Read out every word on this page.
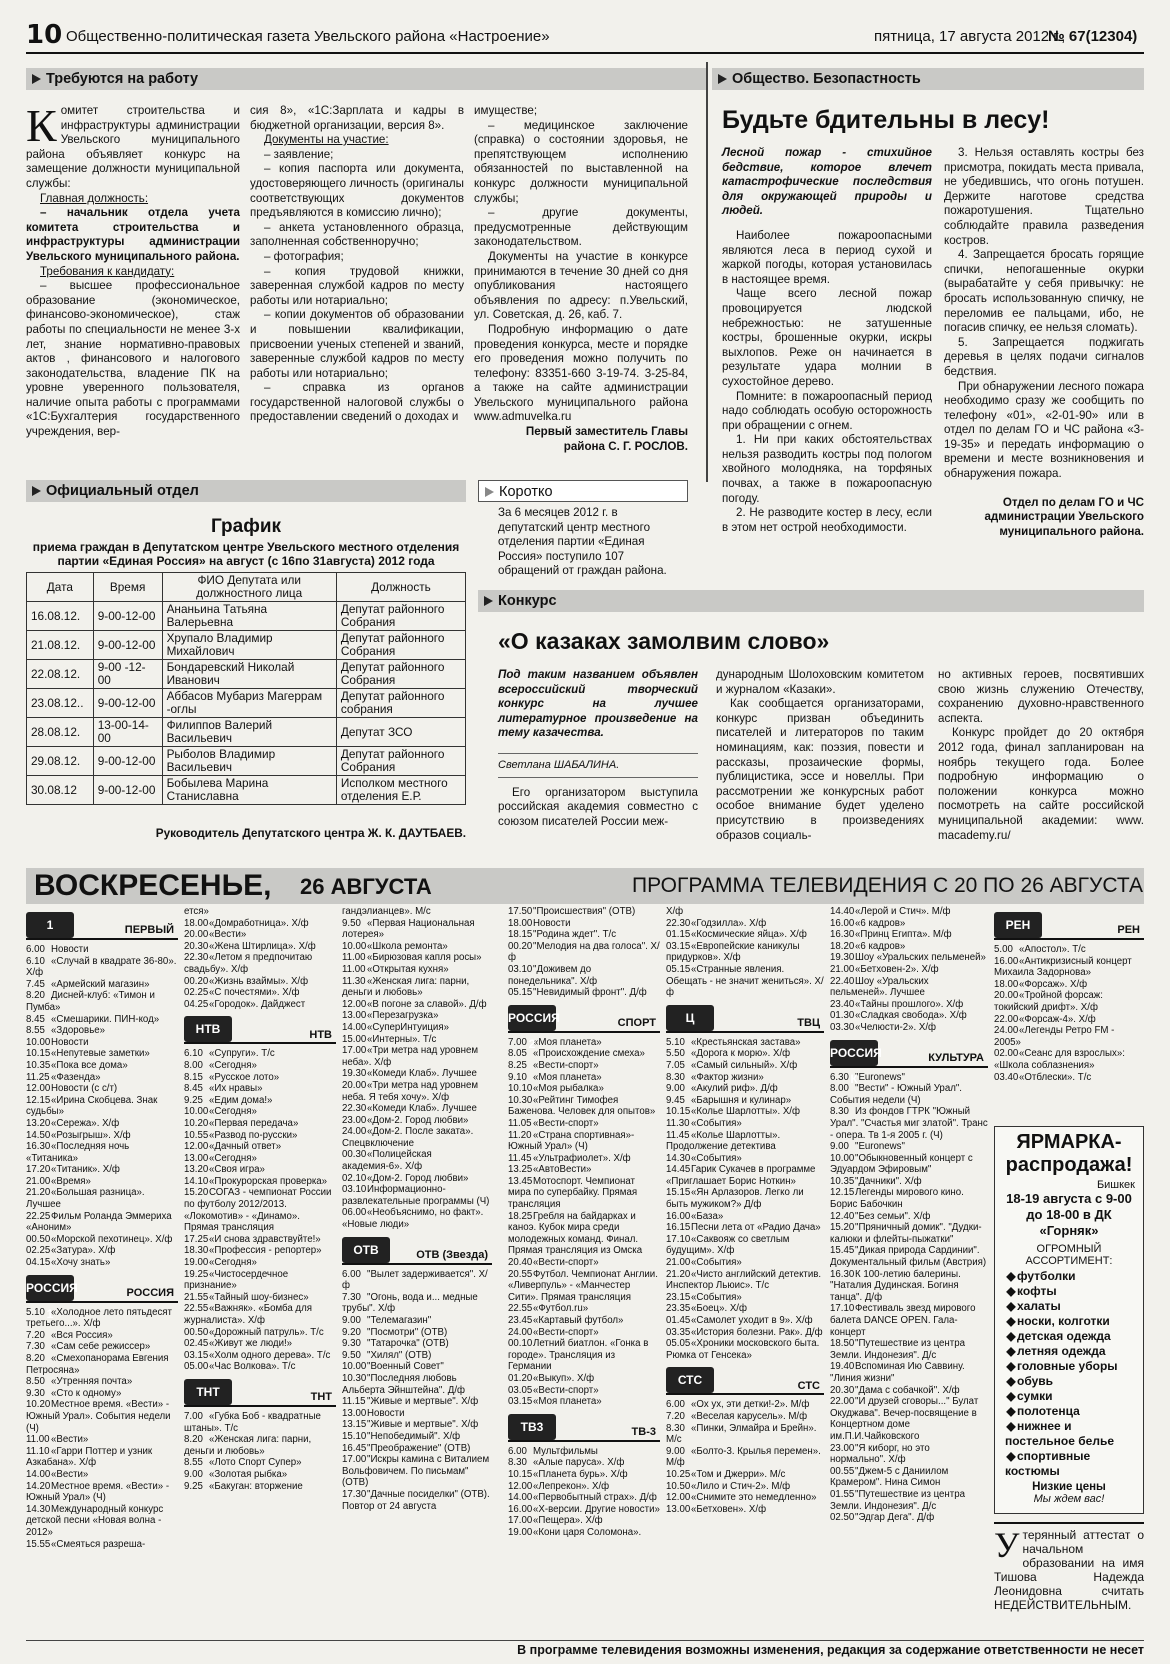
10 Общественно-политическая газета Увельского района «Настроение»	пятница, 17 августа 2012 г.,
№ 67(12304)
Требуются на работу

Комитет строительства и инфраструктуры администрации Увельского муниципального района объявляет конкурс на замещение должности муниципальной службы:

Главная должность:

– начальник отдела учета комитета строительства и инфраструктуры администрации Увельского муниципального района.

Требования к кандидату:

– высшее профессиональное образование (экономическое, финансово-экономическое), стаж работы по специальности не менее 3-х лет, знание нормативно-правовых актов , финансового и налогового законодательства, владение ПК на уровне уверенного пользователя, наличие опыта работы с программами «1С:Бухгалтерия государственного учреждения, вер-

сия 8», «1С:Зарплата и кадры в бюджетной организации, версия 8».

Документы на участие:

– заявление;

– копия паспорта или документа, удостоверяющего личность (оригиналы соответствующих документов предъявляются в комиссию лично);

– анкета установленного образца, заполненная собственноручно;

– фотография;

– копия трудовой книжки, заверенная службой кадров по месту работы или нотариально;

– копии документов об образовании и повышении квалификации, присвоении ученых степеней и званий, заверенные службой кадров по месту работы или нотариально;

– справка из органов государственной налоговой службы о предоставлении сведений о доходах и

имуществе;

– медицинское заключение (справка) о состоянии здоровья, не препятствующем исполнению обязанностей по выставленной на конкурс должности муниципальной службы;

– другие документы, предусмотренные действующим законодательством.

Документы на участие в конкурсе принимаются в течение 30 дней со дня опубликования настоящего объявления по адресу: п.Увельский, ул. Советская, д. 26, каб. 7.

Подробную информацию о дате проведения конкурса, месте и порядке его проведения можно получить по телефону: 83351-660 3-19-74. 3-25-84, а также на сайте администрации Увельского муниципального района www.admuvelka.ru

Первый заместитель Главы района С. Г. РОСЛОВ.

Общество. Безопастность
Будьте бдительны в лесу!

Лесной пожар - стихийное бедствие, которое влечет катастрофические последствия для окружающей природы и людей.

Наиболее пожароопасными являются леса в период сухой и жаркой погоды, которая установилась в настоящее время.

Чаще всего лесной пожар провоцируется людской небрежностью: не затушенные костры, брошенные окурки, искры выхлопов. Реже он начинается в результате удара молнии в сухостойное дерево.

Помните: в пожароопасный период надо соблюдать особую осторожность при обращении с огнем.

1. Ни при каких обстоятельствах нельзя разводить костры под пологом хвойного молодняка, на торфяных почвах, а также в пожароопасную погоду.

2. Не разводите костер в лесу, если в этом нет острой необходимости.

3. Нельзя оставлять костры без присмотра, покидать места привала, не убедившись, что огонь потушен. Держите наготове средства пожаротушения. Тщательно соблюдайте правила разведения костров.

4. Запрещается бросать горящие спички, непогашенные окурки (вырабатайте у себя привычку: не бросать использованную спичку, не переломив ее пальцами, ибо, не погасив спичку, ее нельзя сломать).

5. Запрещается поджигать деревья в целях подачи сигналов бедствия.

При обнаружении лесного пожара необходимо сразу же сообщить по телефону «01», «2-01-90» или в отдел по делам ГО и ЧС района «3-19-35» и передать информацию о времени и месте возникновения и обнаружения пожара.

Отдел по делам ГО и ЧС администрации Увельского муниципального района.

Официальный отдел
График
приема граждан в Депутатском центре Увельского местного отделения партии «Единая Россия» на август (с 16по 31августа) 2012 года
Дата	Время	ФИО Депутата или должностного лица	Должность
16.08.12.	9-00-12-00	Ананьина Татьяна Валерьевна	Депутат районного Собрания
21.08.12.	9-00-12-00	Хрупало Владимир Михайлович	Депутат районного Собрания
22.08.12.	9-00 -12-00	Бондаревский Николай Иванович	Депутат районного Собрания
23.08.12..	9-00-12-00	Аббасов Мубариз Магеррам -оглы	Депутат районного собрания
28.08.12.	13-00-14-00	Филиппов Валерий Васильевич	Депутат ЗСО
29.08.12.	9-00-12-00	Рыболов Владимир Васильевич	Депутат районного Собрания
30.08.12	9-00-12-00	Бобылева Марина Станиславна	Исполком местного отделения Е.Р.
Руководитель Депутатского центра Ж. К. ДАУТБАЕВ.
Коротко
За 6 месяцев 2012 г. в депутатский центр местного отделения партии «Единая Россия» поступило 107 обращений от граждан района.
Конкурс
«О казаках замолвим слово»

Под таким названием объявлен всероссийский творческий конкурс на лучшее литературное произведение на тему казачества.

Светлана ШАБАЛИНА.

Его организатором выступила российская академия совместно с союзом писателей России меж-

дународным Шолоховским комитетом и журналом «Казаки».

Как сообщается организаторами, конкурс призван объединить писателей и литераторов по таким номинациям, как: поэзия, повести и рассказы, прозаические формы, публицистика, эссе и новеллы. При рассмотрении же конкурсных работ особое внимание будет уделено присутствию в произведениях образов социаль-

но активных героев, посвятивших свою жизнь служению Отечеству, сохранению духовно-нравственного аспекта.

Конкурс пройдет до 20 октября 2012 года, финал запланирован на ноябрь текущего года. Более подробную информацию о положении конкурса можно посмотреть на сайте российской муниципальной академии: www. macademy.ru/

ВОСКРЕСЕНЬЕ, 26 АВГУСТА	ПРОГРАММА ТЕЛЕВИДЕНИЯ С 20 ПО 26 АВГУСТА
1	ПЕРВЫЙ
6.00 Новости
6.10 «Случай в квадрате 36-80». Х/ф
7.45 «Армейский магазин»
8.20 Дисней-клуб: «Тимон и Пумба»
8.45 «Смешарики. ПИН-код»
8.55 «Здоровье»
10.00Новости
10.15«Непутевые заметки»
10.35«Пока все дома»
11.25«Фазенда»
12.00Новости (с с/т)
12.15«Ирина Скобцева. Знак судьбы»
13.20«Сережа». Х/ф
14.50«Розыгрыш». Х/ф
16.30«Последняя ночь «Титаника»
17.20«Титаник». Х/ф
21.00«Время»
21.20«Большая разница». Лучшее
22.25Фильм Роланда Эммериха «Аноним»
00.50«Морской пехотинец». Х/ф
02.25«Затура». Х/ф
04.15«Хочу знать»
РОССИЯ 1
РОССИЯ
5.10 «Холодное лето пятьдесят третьего...». Х/ф
7.20 «Вся Россия»
7.30 «Сам себе режиссер»
8.20 «Смехопанорама Евгения Петросяна»
8.50 «Утренняя почта»
9.30 «Сто к одному»
10.20Местное время. «Вести» - Южный Урал». События недели (Ч)
11.00«Вести»
11.10«Гарри Поттер и узник Азкабана». Х/ф
14.00«Вести»
14.20Местное время. «Вести» - Южный Урал» (Ч)
14.30Международный конкурс детской песни «Новая волна - 2012»
15.55«Смеяться разреша-
ется»
18.00«Домработница». Х/ф
20.00«Вести»
20.30«Жена Штирлица». Х/ф
22.30«Летом я предпочитаю свадьбу». Х/ф
00.20«Жизнь взаймы». Х/ф
02.25«С почестями». Х/ф
04.25«Городок». Дайджест
НТВ	НТВ
6.10 «Супруги». Т/с
8.00 «Сегодня»
8.15 «Русское лото»
8.45 «Их нравы»
9.25 «Едим дома!»
10.00«Сегодня»
10.20«Первая передача»
10.55«Развод по-русски»
12.00«Дачный ответ»
13.00«Сегодня»
13.20«Своя игра»
14.10«Прокурорская проверка»
15.20СОГАЗ - чемпионат России по футболу 2012/2013. «Локомотив» - «Динамо». Прямая трансляция
17.25«И снова здравствуйте!»
18.30«Профессия - репортер»
19.00«Сегодня»
19.25«Чистосердечное признание»
21.55«Тайный шоу-бизнес»
22.55«Важняк». «Бомба для журналиста». Х/ф
00.50«Дорожный патруль». Т/с
02.45«Живут же люди!»
03.15«Холм одного дерева». Т/с
05.00«Час Волкова». Т/с
ТНТ	ТНТ
7.00 «Губка Боб - квадратные штаны». Т/с
8.20 «Женская лига: парни, деньги и любовь»
8.55 «Лото Спорт Супер»
9.00 «Золотая рыбка»
9.25 «Бакуган: вторжение
гандэлианцев». М/с
9.50 «Первая Национальная лотерея»
10.00«Школа ремонта»
11.00«Бирюзовая капля росы»
11.00«Открытая кухня»
11.30«Женская лига: парни, деньги и любовь»
12.00«В погоне за славой». Д/ф
13.00«Перезагрузка»
14.00«СуперИнтуиция»
15.00«Интерны». Т/с
17.00«Три метра над уровнем неба». Х/ф
19.30«Комеди Клаб». Лучшее
20.00«Три метра над уровнем неба. Я тебя хочу». Х/ф
22.30«Комеди Клаб». Лучшее
23.00«Дом-2. Город любви»
24.00«Дом-2. После заката». Спецвключение
00.30«Полицейская академия-6». Х/ф
02.10«Дом-2. Город любви»
03.10Информационно-развлекательные программы (Ч)
06.00«Необъяснимо, но факт». «Новые люди»
ОТВ	ОТВ (Звезда)
6.00 "Вылет задерживается". Х/ф
7.30 "Огонь, вода и... медные трубы". Х/ф
9.00 "Телемагазин"
9.20 "Посмотри" (ОТВ)
9.30 "Татарочка" (ОТВ)
9.50 "Хилял" (ОТВ)
10.00"Военный Совет"
10.30"Последняя любовь Альберта Эйнштейна". Д/ф
11.15"Живые и мертвые". Х/ф
13.00Новости
13.15"Живые и мертвые". Х/ф
15.10"Непобедимый". Х/ф
16.45"Преображение" (ОТВ)
17.00"Искры камина с Виталием Вольфовичем. По письмам" (ОТВ)
17.30"Дачные посиделки" (ОТВ). Повтор от 24 августа
17.50"Происшествия" (ОТВ)
18.00Новости
18.15"Родина ждет". Т/с
00.20"Мелодия на два голоса". Х/ф
03.10"Доживем до понедельника". Х/ф
05.15"Невидимый фронт". Д/ф
РОССИЯ 2
СПОРТ
7.00 «Моя планета»
8.05 «Происхождение смеха»
8.25 «Вести-спорт»
9.10 «Моя планета»
10.10«Моя рыбалка»
10.30«Рейтинг Тимофея Баженова. Человек для опытов»
11.05«Вести-спорт»
11.20«Страна спортивная»-Южный Урал» (Ч)
11.45«Ультрафиолет». Х/ф
13.25«АвтоВести»
13.45Мотоспорт. Чемпионат мира по супербайку. Прямая трансляция
18.25Гребля на байдарках и каноэ. Кубок мира среди молодежных команд. Финал. Прямая трансляция из Омска
20.40«Вести-спорт»
20.55Футбол. Чемпионат Англии. «Ливерпуль» - «Манчестер Сити». Прямая трансляция
22.55«Футбол.ru»
23.45«Картавый футбол»
24.00«Вести-спорт»
00.10Летний биатлон. «Гонка в городе». Трансляция из Германии
01.20«Выкуп». Х/ф
03.05«Вести-спорт»
03.15«Моя планета»
ТВ3	ТВ-3
6.00 Мультфильмы
8.30 «Алые паруса». Х/ф
10.15«Планета бурь». Х/ф
12.00«Лепрекон». Х/ф
14.00«Первобытный страх». Д/ф
16.00«Х-версии. Другие новости»
17.00«Пещера». Х/ф
19.00«Кони царя Соломона».
Х/ф
22.30«Годзилла». Х/ф
01.15«Космические яйца». Х/ф
03.15«Европейские каникулы придурков». Х/ф
05.15«Странные явления. Обещать - не значит жениться». Х/ф
Ц	ТВЦ
5.10 «Крестьянская застава»
5.50 «Дорога к морю». Х/ф
7.05 «Самый сильный». Х/ф
8.30 «Фактор жизни»
9.00 «Акулий риф». Д/ф
9.45 «Барышня и кулинар»
10.15«Колье Шарлотты». Х/ф
11.30«События»
11.45«Колье Шарлотты». Продолжение детектива
14.30«События»
14.45Гарик Сукачев в программе «Приглашает Борис Ноткин»
15.15«Ян Арлазоров. Легко ли быть мужиком?» Д/ф
16.00«База»
16.15Песни лета от «Радио Дача»
17.10«Саквояж со светлым будущим». Х/ф
21.00«События»
21.20«Чисто английский детектив. Инспектор Льюис». Т/с
23.15«События»
23.35«Боец». Х/ф
01.45«Самолет уходит в 9». Х/ф
03.35«История болезни. Рак». Д/ф
05.05«Хроники московского быта. Рюмка от Генсека»
СТС	СТС
6.00 «Ох ух, эти детки!-2». М/ф
7.20 «Веселая карусель». М/ф
8.30 «Пинки, Элмайра и Брейн». М/с
9.00 «Болто-3. Крылья перемен». М/ф
10.25«Том и Джерри». М/с
10.50«Лило и Стич-2». М/ф
12.00«Снимите это немедленно»
13.00«Бетховен». Х/ф
14.40«Лерой и Стич». М/ф
16.00«6 кадров»
16.30«Принц Египта». М/ф
18.20«6 кадров»
19.30Шоу «Уральских пельменей»
21.00«Бетховен-2». Х/ф
22.40Шоу «Уральских пельменей». Лучшее
23.40«Тайны прошлого». Х/ф
01.30«Сладкая свобода». Х/ф
03.30«Челюсти-2». Х/ф
РОССИЯ К
КУЛЬТУРА
6.30 "Euronews"
8.00 "Вести" - Южный Урал". События недели (Ч)
8.30 Из фондов ГТРК "Южный Урал". "Счастья миг златой". Транс - опера. Тв 1-я 2005 г. (Ч)
9.00 "Euronews"
10.00"Обыкновенный концерт с Эдуардом Эфировым"
10.35"Дачники". Х/ф
12.15Легенды мирового кино. Борис Бабочкин
12.40"Без семьи". Х/ф
15.20"Пряничный домик". "Дудки-калюки и флейты-пыжатки"
15.45"Дикая природа Сардинии". Документальный фильм (Австрия)
16.30К 100-летию балерины. "Наталия Дудинская. Богиня танца". Д/ф
17.10Фестиваль звезд мирового балета DANCE OPEN. Гала-концерт
18.50"Путешествие из центра Земли. Индонезия". Д/с
19.40Вспоминая Ию Саввину. "Линия жизни"
20.30"Дама с собачкой". Х/ф
22.00"И друзей сговоры..." Булат Окуджава". Вечер-посвящение в Концертном доме им.П.И.Чайковского
23.00"Я киборг, но это нормально". Х/ф
00.55"Джем-5 с Даниилом Крамером". Нина Симон
01.55"Путешествие из центра Земли. Индонезия". Д/с
02.50"Эдгар Дега". Д/ф
РЕН	РЕН
5.00 «Апостол». Т/с
16.00«Антикризисный концерт Михаила Задорнова»
18.00«Форсаж». Х/ф
20.00«Тройной форсаж: токийский дрифт». Х/ф
22.00«Форсаж-4». Х/ф
24.00«Легенды Ретро FM - 2005»
02.00«Сеанс для взрослых»: «Школа соблазнения»
03.40«Отблески». Т/с
ЯРМАРКА-распродажа!
Бишкек
18-19 августа с 9-00 до 18-00 в ДК «Горняк»
ОГРОМНЫЙ АССОРТИМЕНТ:
◆футболки
◆кофты
◆халаты
◆носки, колготки
◆детская одежда
◆летняя одежда
◆головные уборы
◆обувь
◆сумки
◆полотенца
◆нижнее и постельное белье
◆спортивные костюмы
Низкие цены
Мы ждем вас!

Утерянный аттестат о начальном образовании на имя Тишова Надежда Леонидовна считать НЕДЕЙСТВИТЕЛЬНЫМ.

В программе телевидения возможны изменения, редакция за содержание ответственности не несет
